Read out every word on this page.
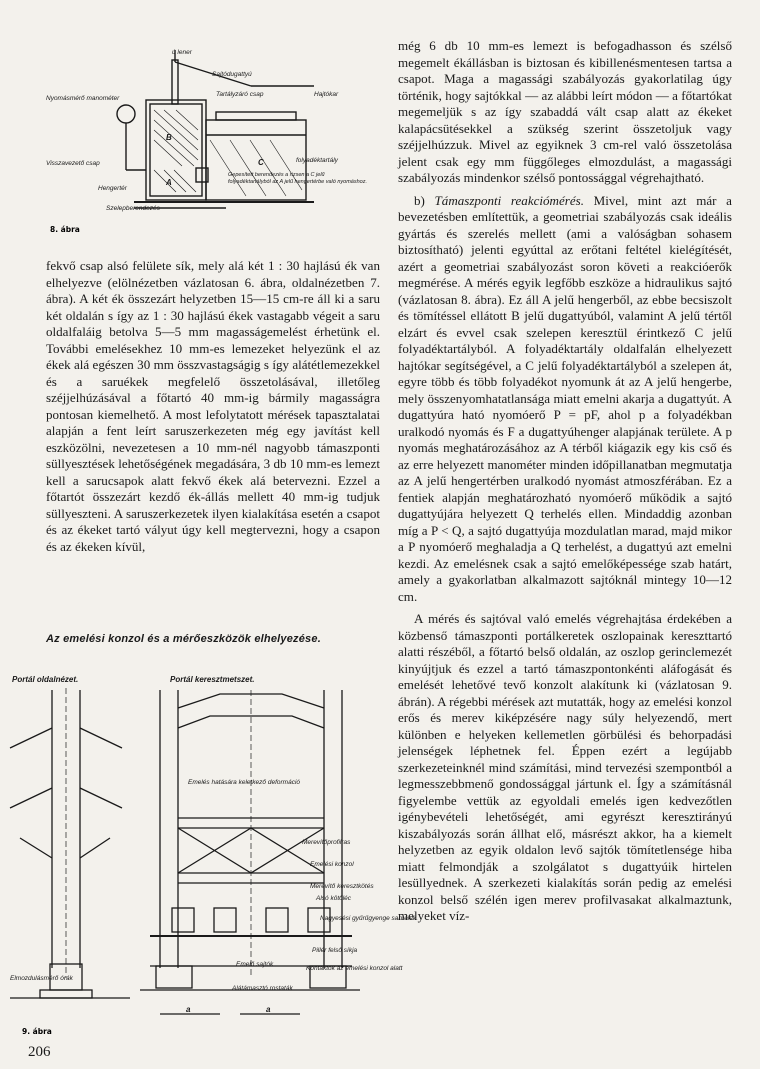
B
A
C
ú lener
Sajtódugattyú
Tartályzáró csap	Hajtókar
Nyomásmérő manométer
Visszavezető csap
Hengertér
Szelepberendezés
folyadéktartály
Gepesített berendezés a rizsen a C jelű folyadéktartályból az A jelű hengertérbe való nyomáshoz.
8. ábra

fekvő csap alsó felülete sík, mely alá két 1 : 30 hajlású ék van elhelyezve (elölnézetben vázlatosan 6. ábra, oldalnézetben 7. ábra). A két ék összezárt helyzetben 15—15 cm-re áll ki a saru két oldalán s így az 1 : 30 hajlású ékek vastagabb végeit a saru oldalfaláig betolva 5—5 mm magasságemelést érhetünk el. További emelésekhez 10 mm-es lemezeket helyezünk el az ékek alá egészen 30 mm összvastagságig s így alátétlemezekkel és a saruékek megfelelő összetolásával, illetőleg széjjelhúzásával a főtartó 40 mm-ig bármily magasságra pontosan kiemelhető. A most lefolytatott mérések tapasztalatai alapján a fent leírt saruszerkezeten még egy javítást kell eszközölni, nevezetesen a 10 mm-nél nagyobb támaszponti süllyesztések lehetőségének megadására, 3 db 10 mm-es lemezt kell a sarucsapok alatt fekvő ékek alá betervezni. Ezzel a főtartót összezárt kezdő ék-állás mellett 40 mm-ig tudjuk süllyeszteni. A saruszerkezetek ilyen kialakítása esetén a csapot és az ékeket tartó vályut úgy kell megtervezni, hogy a csapon és az ékeken kívül,

még 6 db 10 mm-es lemezt is befogadhasson és szélső megemelt ékállásban is biztosan és kibillenésmentesen tartsa a csapot. Maga a magassági szabályozás gyakorlatilag úgy történik, hogy sajtókkal — az alábbi leírt módon — a főtartókat megemeljük s az így szabaddá vált csap alatt az ékeket kalapácsütésekkel a szükség szerint összetoljuk vagy széjjelhúzzuk. Mivel az egyiknek 3 cm-rel való összetolása jelent csak egy mm függőleges elmozdulást, a magassági szabályozás mindenkor szélső pontossággal végrehajtható.

b) Támaszponti reakciómérés. Mivel, mint azt már a bevezetésben említettük, a geometriai szabályozás csak ideális gyártás és szerelés mellett (ami a valóságban sohasem biztosítható) jelenti egyúttal az erőtani feltétel kielégítését, azért a geometriai szabályozást soron követi a reakcióerők megmérése. A mérés egyik legfőbb eszköze a hidraulikus sajtó (vázlatosan 8. ábra). Ez áll A jelű hengerből, az ebbe becsiszolt és tömítéssel ellátott B jelű dugattyúból, valamint A jelű tértől elzárt és evvel csak szelepen keresztül érintkező C jelű folyadéktartályból. A folyadéktartály oldalfalán elhelyezett hajtókar segítségével, a C jelű folyadéktartályból a szelepen át, egyre több és több folyadékot nyomunk át az A jelű hengerbe, mely összenyomhatatlansága miatt emelni akarja a dugattyút. A dugattyúra ható nyomóerő P = pF, ahol p a folyadékban uralkodó nyomás és F a dugattyúhenger alapjának területe. A p nyomás meghatározásához az A térből kiágazik egy kis cső és az erre helyezett manométer minden időpillanatban megmutatja az A jelű hengertérben uralkodó nyomást atmoszférában. Ez a fentiek alapján meghatározható nyomóerő működik a sajtó dugattyújára helyezett Q terhelés ellen. Mindaddig azonban míg a P < Q, a sajtó dugattyúja mozdulatlan marad, majd mikor a P nyomóerő meghaladja a Q terhelést, a dugattyú azt emelni kezdi. Az emelésnek csak a sajtó emelőképessége szab határt, amely a gyakorlatban alkalmazott sajtóknál mintegy 10—12 cm.

A mérés és sajtóval való emelés végrehajtása érdekében a közbenső támaszponti portálkeretek oszlopainak kereszttartó alatti részéből, a főtartó belső oldalán, az oszlop gerinclemezét kinyújtjuk és ezzel a tartó támaszpontonkénti aláfogását és emelését lehetővé tevő konzolt alakítunk ki (vázlatosan 9. ábrán). A régebbi mérések azt mutatták, hogy az emelési konzol erős és merev kiképzésére nagy súly helyezendő, mert különben e helyeken kellemetlen görbülési és behorpadási jelenségek léphetnek fel. Éppen ezért a legújabb szerkezeteinknél mind számítási, mind tervezési szempontból a legmesszebbmenő gondossággal jártunk el. Így a számításnál figyelembe vettük az egyoldali emelés igen kedvezőtlen igénybevételi lehetőségét, ami egyrészt keresztirányú kiszabályozás során állhat elő, másrészt akkor, ha a kiemelt helyzetben az egyik oldalon levő sajtók tömítetlensége hiba miatt felmondják a szolgálatot s dugattyúik hirtelen lesüllyednek. A szerkezeti kialakítás során pedig az emelési konzol belső szélén igen merev profilvasakat alkalmaztunk, melyeket víz-

Az emelési konzol és a mérőeszközök elhelyezése.
Portál oldalnézet.	Portál keresztmetszet.
Emelés hatására keletkező deformáció
Merevítőprofilras
Emelési konzol
Merevítő keresztkötés
Alsó kötőléc
Nagyesési gyűrűgyenge saruélek
Pillér felső síkja
Emelő sajtók
Kontaktok az emelési konzol alatt
Elmozdulásmérő órák
Alátámasztó rostaták
a	a
9. ábra
206
